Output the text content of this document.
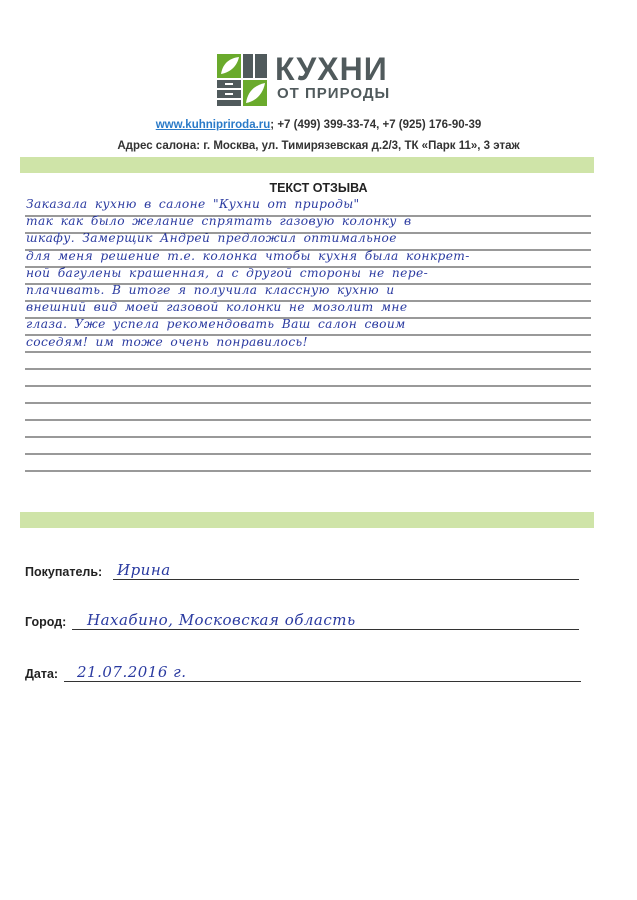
КУХНИ
ОТ ПРИРОДЫ
www.kuhnipriroda.ru; +7 (499) 399-33-74, +7 (925) 176-90-39
Адрес салона: г. Москва, ул. Тимирязевская д.2/3, ТК «Парк 11», 3 этаж
ТЕКСТ ОТЗЫВА
Заказала кухню в салоне "Кухни от природы"
так как было желание спрятать газовую колонку в
шкафу. Замерщик Андрей предложил оптимальное
для меня решение т.е. колонка чтобы кухня была конкрет-
ной багулены крашенная, а с другой стороны не пере-
плачивать. В итоге я получила классную кухню и
внешний вид моей газовой колонки не мозолит мне
глаза. Уже успела рекомендовать Ваш салон своим
соседям! им тоже очень понравилось!
Покупатель: Ирина
Город: Нахабино, Московская область
Дата: 21.07.2016 г.
